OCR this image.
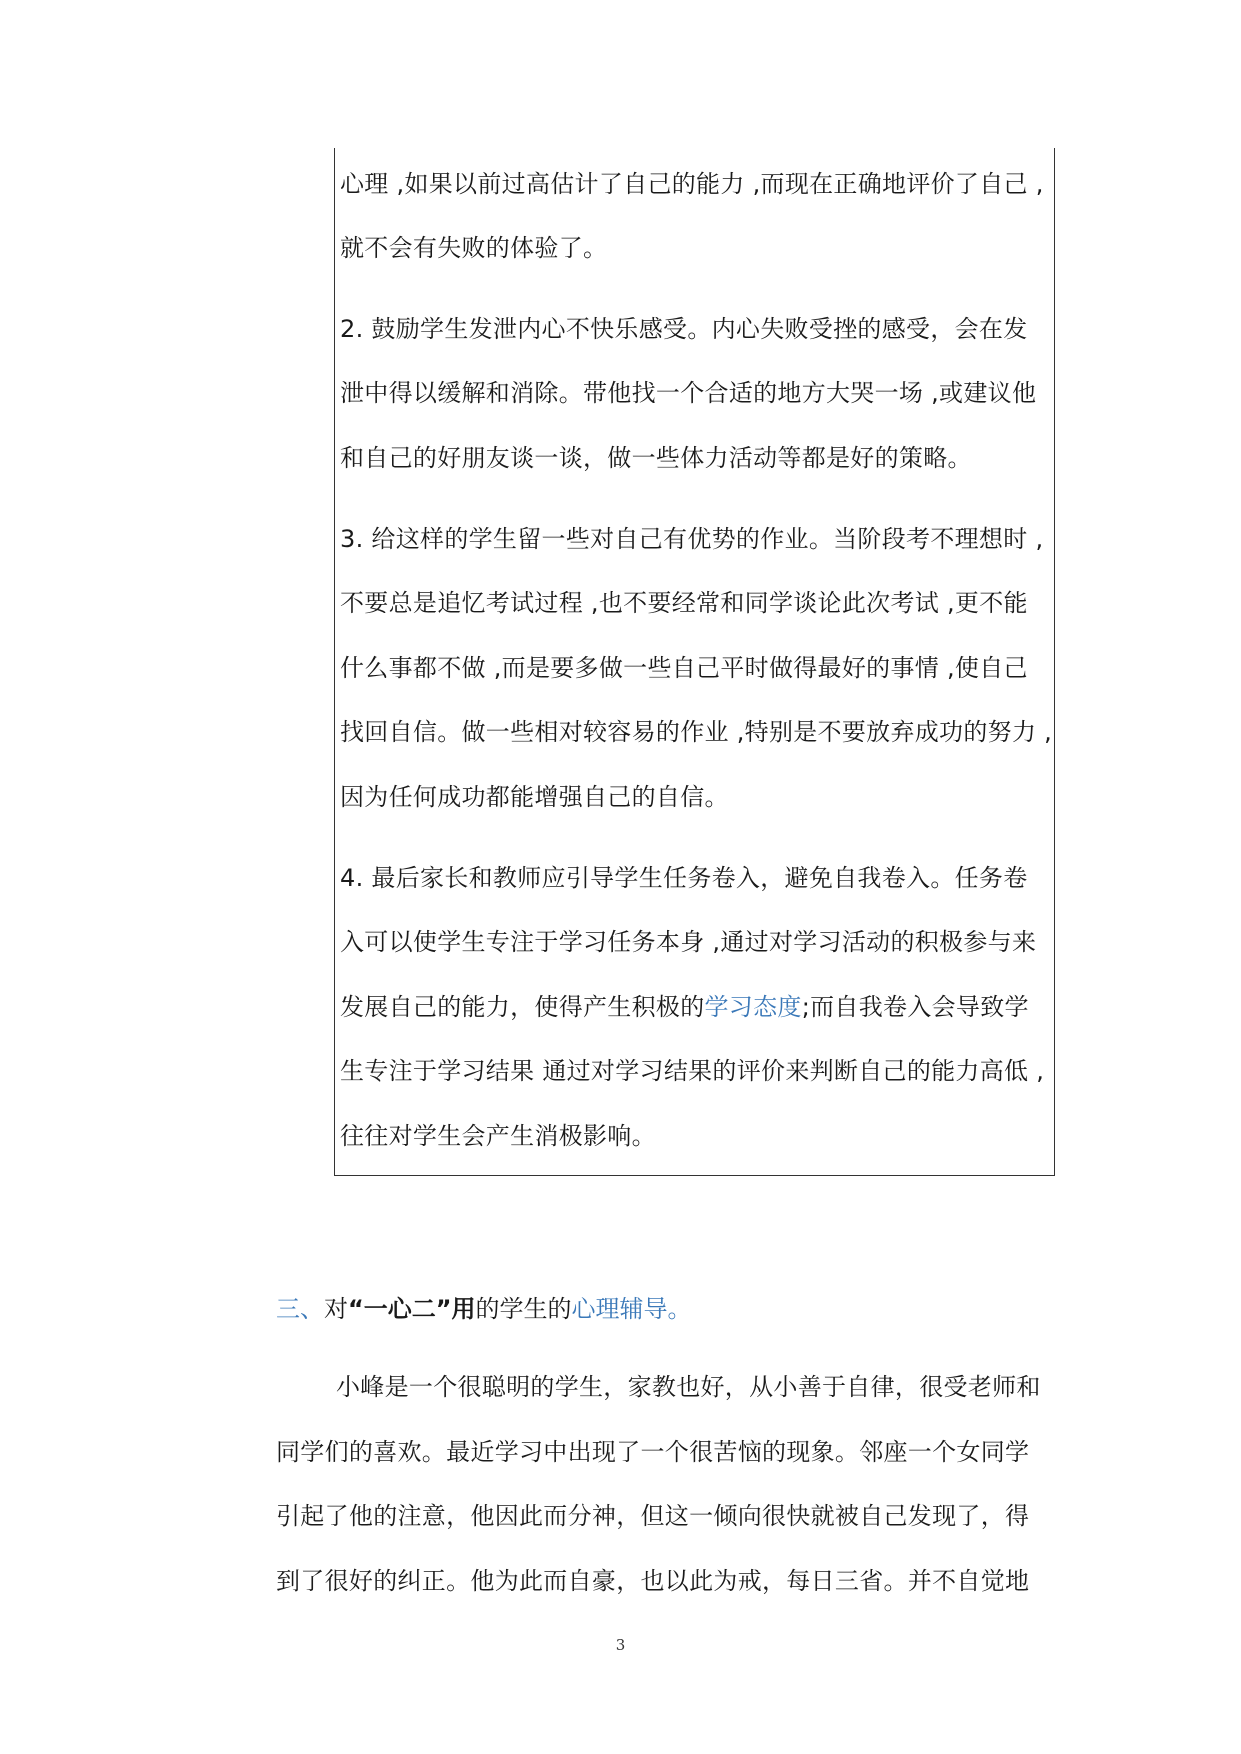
心理 ,如果以前过高估计了自己的能力 ,而现在正确地评价了自己 ,
就不会有失败的体验了。
2. 鼓励学生发泄内心不快乐感受。内心失败受挫的感受，会在发
泄中得以缓解和消除。带他找一个合适的地方大哭一场 ,或建议他
和自己的好朋友谈一谈，做一些体力活动等都是好的策略。
3. 给这样的学生留一些对自己有优势的作业。当阶段考不理想时 ,
不要总是追忆考试过程 ,也不要经常和同学谈论此次考试 ,更不能
什么事都不做 ,而是要多做一些自己平时做得最好的事情 ,使自己
找回自信。做一些相对较容易的作业 ,特别是不要放弃成功的努力 ,
因为任何成功都能增强自己的自信。
4. 最后家长和教师应引导学生任务卷入，避免自我卷入。任务卷
入可以使学生专注于学习任务本身 ,通过对学习活动的积极参与来
发展自己的能力，使得产生积极的学习态度;而自我卷入会导致学
生专注于学习结果 通过对学习结果的评价来判断自己的能力高低 ,
往往对学生会产生消极影响。
三、对“一心二”用的学生的心理辅导。
小峰是一个很聪明的学生，家教也好，从小善于自律，很受老师和
同学们的喜欢。最近学习中出现了一个很苦恼的现象。邻座一个女同学
引起了他的注意，他因此而分神，但这一倾向很快就被自己发现了，得
到了很好的纠正。他为此而自豪，也以此为戒，每日三省。并不自觉地
3
